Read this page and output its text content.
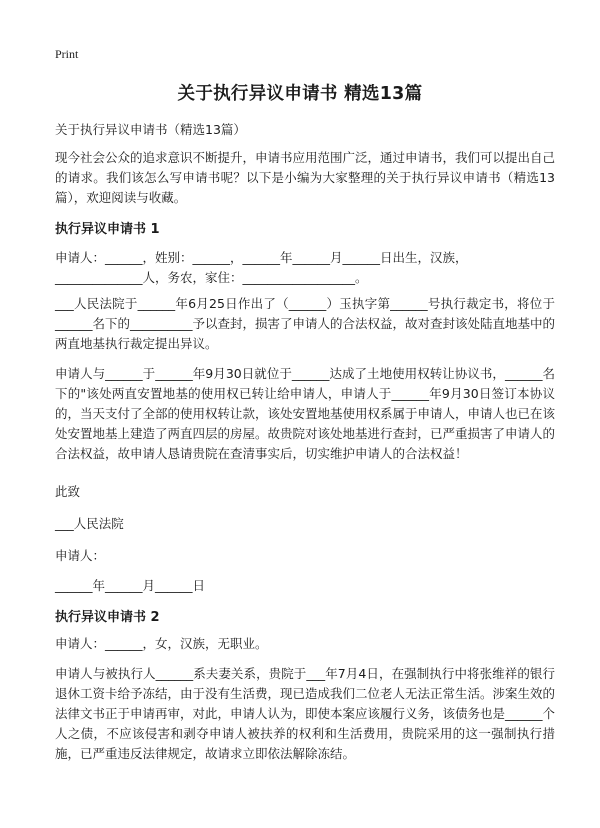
Print
关于执行异议申请书 精选13篇

关于执行异议申请书（精选13篇）

现今社会公众的追求意识不断提升，申请书应用范围广泛，通过申请书，我们可以提出自己的请求。我们该怎么写申请书呢？以下是小编为大家整理的关于执行异议申请书（精选13篇），欢迎阅读与收藏。

执行异议申请书 1

申请人：______，姓别：______，______年______月______日出生，汉族，

______________人，务农，家住：__________________。

___人民法院于______年6月25日作出了（______）玉执字第______号执行裁定书，将位于______名下的__________予以查封，损害了申请人的合法权益，故对查封该处陆直地基中的两直地基执行裁定提出异议。

申请人与______于______年9月30日就位于______达成了土地使用权转让协议书，______名下的"该处两直安置地基的使用权已转让给申请人，申请人于______年9月30日签订本协议的，当天支付了全部的使用权转让款，该处安置地基使用权系属于申请人，申请人也已在该处安置地基上建造了两直四层的房屋。故贵院对该处地基进行查封，已严重损害了申请人的合法权益，故申请人恳请贵院在查清事实后，切实维护申请人的合法权益！

此致

___人民法院

申请人：

______年______月______日

执行异议申请书 2

申请人：______，女，汉族，无职业。

申请人与被执行人______系夫妻关系，贵院于___年7月4日，在强制执行中将张维祥的银行退休工资卡给予冻结，由于没有生活费，现已造成我们二位老人无法正常生活。涉案生效的法律文书正于申请再审，对此，申请人认为，即使本案应该履行义务，该债务也是______个人之债，不应该侵害和剥夺申请人被扶养的权利和生活费用，贵院采用的这一强制执行措施，已严重违反法律规定，故请求立即依法解除冻结。
